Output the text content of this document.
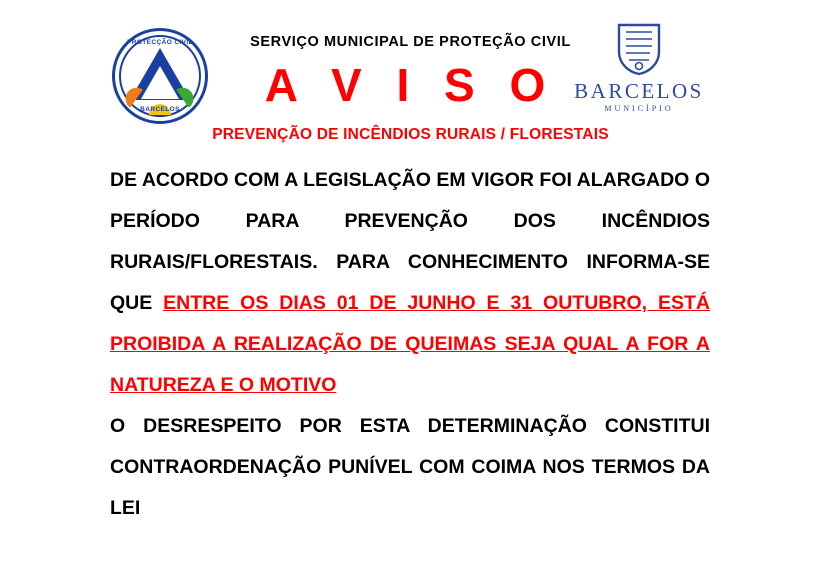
PROTECÇÃO CIVIL
BARCELOS
SERVIÇO MUNICIPAL DE PROTEÇÃO CIVIL
A V I S O BARCELOS
MUNICÍPIO
PREVENÇÃO DE INCÊNDIOS RURAIS / FLORESTAIS

DE ACORDO COM A LEGISLAÇÃO EM VIGOR FOI ALARGADO O PERÍODO PARA PREVENÇÃO DOS INCÊNDIOS RURAIS/FLORESTAIS. PARA CONHECIMENTO INFORMA-SE QUE ENTRE OS DIAS 01 DE JUNHO E 31 OUTUBRO, ESTÁ PROIBIDA A REALIZAÇÃO DE QUEIMAS SEJA QUAL A FOR A NATUREZA E O MOTIVO

O DESRESPEITO POR ESTA DETERMINAÇÃO CONSTITUI CONTRAORDENAÇÃO PUNÍVEL COM COIMA NOS TERMOS DA LEI
